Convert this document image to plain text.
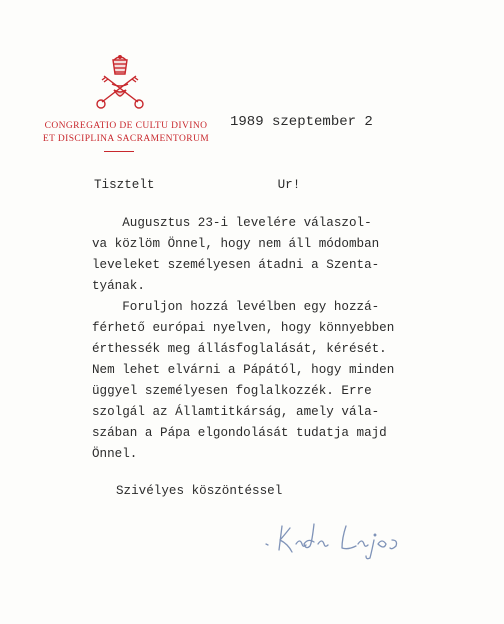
CONGREGATIO DE CULTU DIVINO
ET DISCIPLINA SACRAMENTORUM
1989 szeptember 2
Tisztelt	Ur!
Augusztus 23-i levelére válaszol-
va közlöm Önnel, hogy nem áll módomban
leveleket személyesen átadni a Szenta-
tyának.
Foruljon hozzá levélben egy hozzá-
férhető európai nyelven, hogy könnyebben
érthessék meg állásfoglalását, kérését.
Nem lehet elvárni a Pápától, hogy minden
üggyel személyesen foglalkozzék. Erre
szolgál az Államtitkárság, amely vála-
szában a Pápa elgondolását tudatja majd
Önnel.
Szivélyes köszöntéssel
